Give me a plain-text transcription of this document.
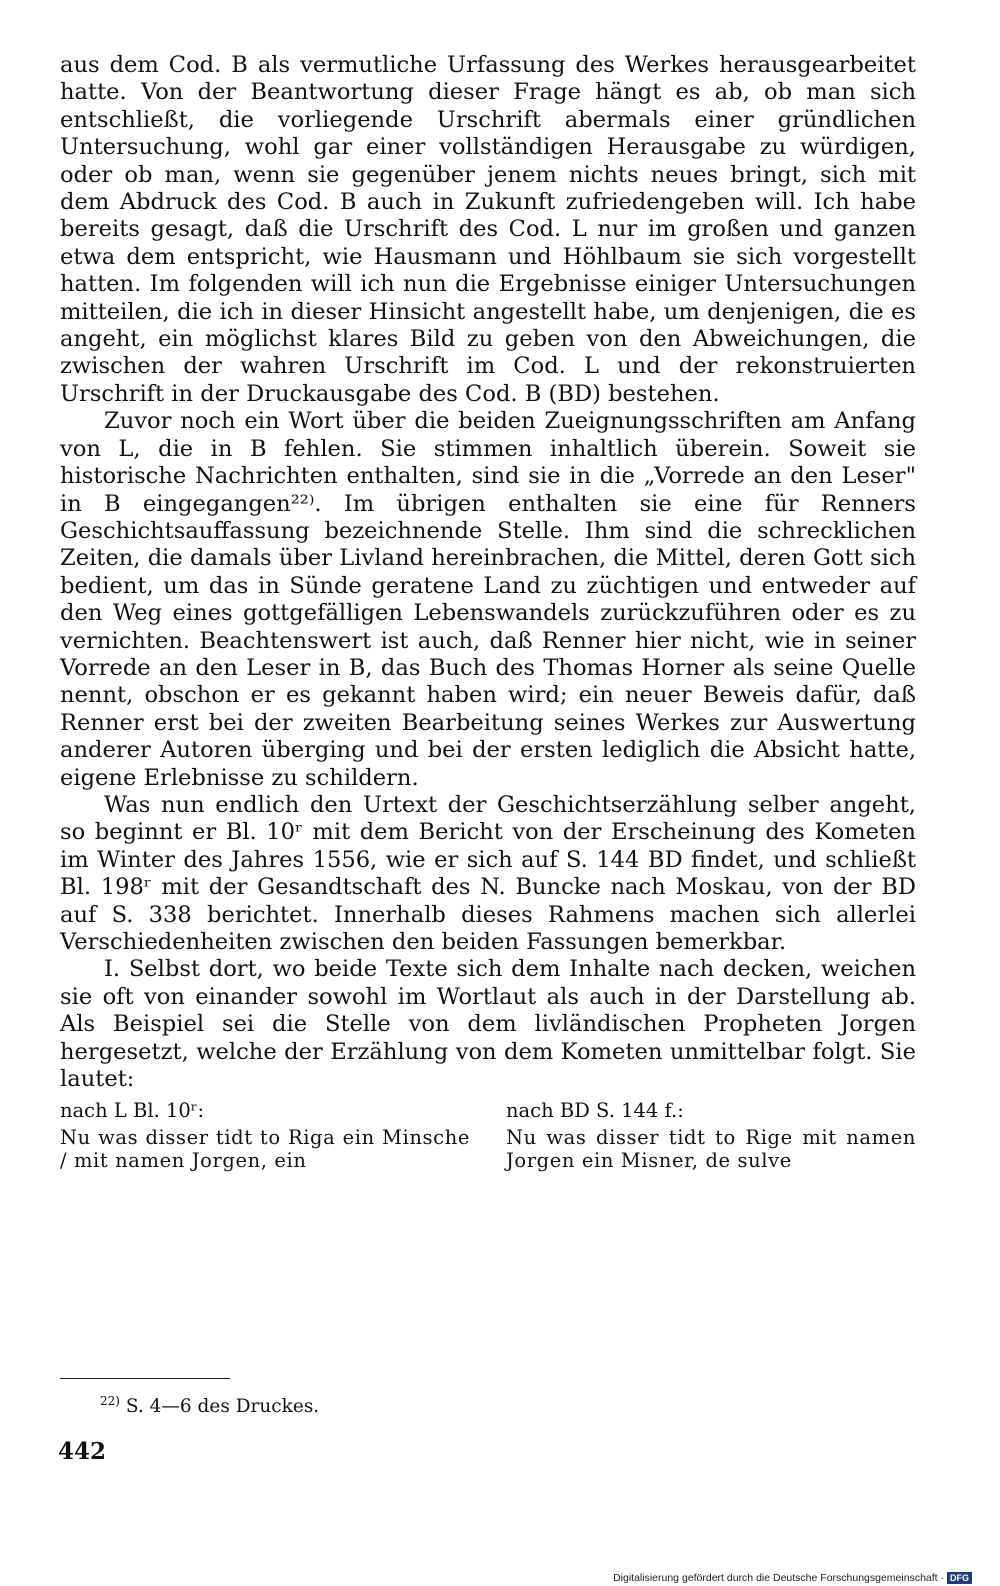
aus dem Cod. B als vermutliche Urfassung des Werkes herausgearbeitet hatte. Von der Beantwortung dieser Frage hängt es ab, ob man sich entschließt, die vorliegende Urschrift abermals einer gründlichen Untersuchung, wohl gar einer vollständigen Herausgabe zu würdigen, oder ob man, wenn sie gegenüber jenem nichts neues bringt, sich mit dem Abdruck des Cod. B auch in Zukunft zufriedengeben will. Ich habe bereits gesagt, daß die Urschrift des Cod. L nur im großen und ganzen etwa dem entspricht, wie Hausmann und Höhlbaum sie sich vorgestellt hatten. Im folgenden will ich nun die Ergebnisse einiger Untersuchungen mitteilen, die ich in dieser Hinsicht angestellt habe, um denjenigen, die es angeht, ein möglichst klares Bild zu geben von den Abweichungen, die zwischen der wahren Urschrift im Cod. L und der rekonstruierten Urschrift in der Druckausgabe des Cod. B (BD) bestehen.

Zuvor noch ein Wort über die beiden Zueignungsschriften am Anfang von L, die in B fehlen. Sie stimmen inhaltlich überein. Soweit sie historische Nachrichten enthalten, sind sie in die „Vorrede an den Leser" in B eingegangen²²⁾. Im übrigen enthalten sie eine für Renners Geschichtsauffassung bezeichnende Stelle. Ihm sind die schrecklichen Zeiten, die damals über Livland hereinbrachen, die Mittel, deren Gott sich bedient, um das in Sünde geratene Land zu züchtigen und entweder auf den Weg eines gottgefälligen Lebenswandels zurückzuführen oder es zu vernichten. Beachtenswert ist auch, daß Renner hier nicht, wie in seiner Vorrede an den Leser in B, das Buch des Thomas Horner als seine Quelle nennt, obschon er es gekannt haben wird; ein neuer Beweis dafür, daß Renner erst bei der zweiten Bearbeitung seines Werkes zur Auswertung anderer Autoren überging und bei der ersten lediglich die Absicht hatte, eigene Erlebnisse zu schildern.

Was nun endlich den Urtext der Geschichtserzählung selber angeht, so beginnt er Bl. 10ʳ mit dem Bericht von der Erscheinung des Kometen im Winter des Jahres 1556, wie er sich auf S. 144 BD findet, und schließt Bl. 198ʳ mit der Gesandtschaft des N. Buncke nach Moskau, von der BD auf S. 338 berichtet. Innerhalb dieses Rahmens machen sich allerlei Verschiedenheiten zwischen den beiden Fassungen bemerkbar.

I. Selbst dort, wo beide Texte sich dem Inhalte nach decken, weichen sie oft von einander sowohl im Wortlaut als auch in der Darstellung ab. Als Beispiel sei die Stelle von dem livländischen Propheten Jorgen hergesetzt, welche der Erzählung von dem Kometen unmittelbar folgt. Sie lautet:

nach L Bl. 10ʳ:
Nu was disser tidt to Riga ein Minsche / mit namen Jorgen, ein
nach BD S. 144 f.:
Nu was disser tidt to Rige mit namen Jorgen ein Misner, de sulve
$^{22)}$ S. 4—6 des Druckes.
442
Digitalisierung gefördert durch die Deutsche Forschungsgemeinschaft · DFG
